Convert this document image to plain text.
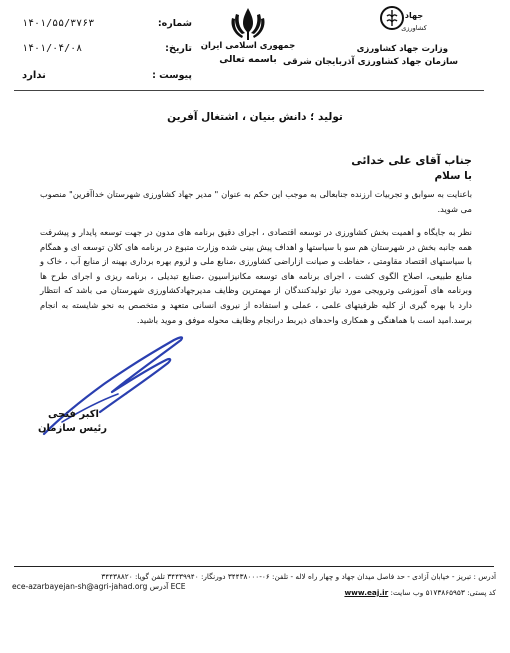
جمهوری اسلامی ایران
باسمه تعالی
جهاد
کشاورزی
وزارت جهاد کشاورزی
سازمان جهاد کشاورزی آذربایجان شرقی
شماره:
۱۴۰۱/۵۵/۳۷۶۳
تاریخ:
۱۴۰۱/۰۴/۰۸
پیوست :
ندارد
تولید ؛ دانش بنیان ، اشتغال آفرین
جناب آقای علی خدائی
با سلام
باعنایت به سوابق و تجربیات ارزنده جنابعالی به موجب این حکم به عنوان " مدیر جهاد کشاورزی شهرستان خداآفرین" منصوب می شوید.
نظر به جایگاه و اهمیت بخش کشاورزی در توسعه اقتصادی ، اجرای دقیق برنامه های مدون در جهت توسعه پایدار و پیشرفت همه جانبه بخش در شهرستان هم سو با سیاستها و اهداف پیش بینی شده وزارت متبوع در برنامه های کلان توسعه ای و همگام با سیاستهای اقتصاد مقاومتی ، حفاظت و صیانت ازاراضی کشاورزی ،منابع ملی و لزوم بهره برداری بهینه از منابع آب ، خاک و منابع طبیعی، اصلاح الگوی کشت ، اجرای برنامه های توسعه مکانیزاسیون ،صنایع تبدیلی ، برنامه ریزی و اجرای طرح ها وبرنامه های آموزشی وترویجی مورد نیاز تولیدکنندگان از مهمترین وظایف مدیرجهادکشاورزی شهرستان می باشد که انتظار دارد با بهره گیری از کلیه ظرفیتهای علمی ، عملی و استفاده از نیروی انسانی متعهد و متخصص به نحو شایسته به انجام برسد.امید است با هماهنگی و همکاری واحدهای ذیربط درانجام وظایف محوله موفق و موید باشید.
اکبر فتحی
رئیس سازمان
آدرس : تبریز - خیابان آزادی - حد فاصل میدان جهاد و چهار راه لاله - تلفن: ۰۶-۳۴۴۳۸۰۰۰ دورنگار: ۳۴۴۳۹۹۴۰ تلفن گویا: ۳۴۴۳۸۸۲۰
ece-azarbayejan-sh@agri-jahad.org آدرس ECE
کد پستی: ۵۱۷۳۸۶۵۹۵۳ وب سایت: www.eaj.ir
